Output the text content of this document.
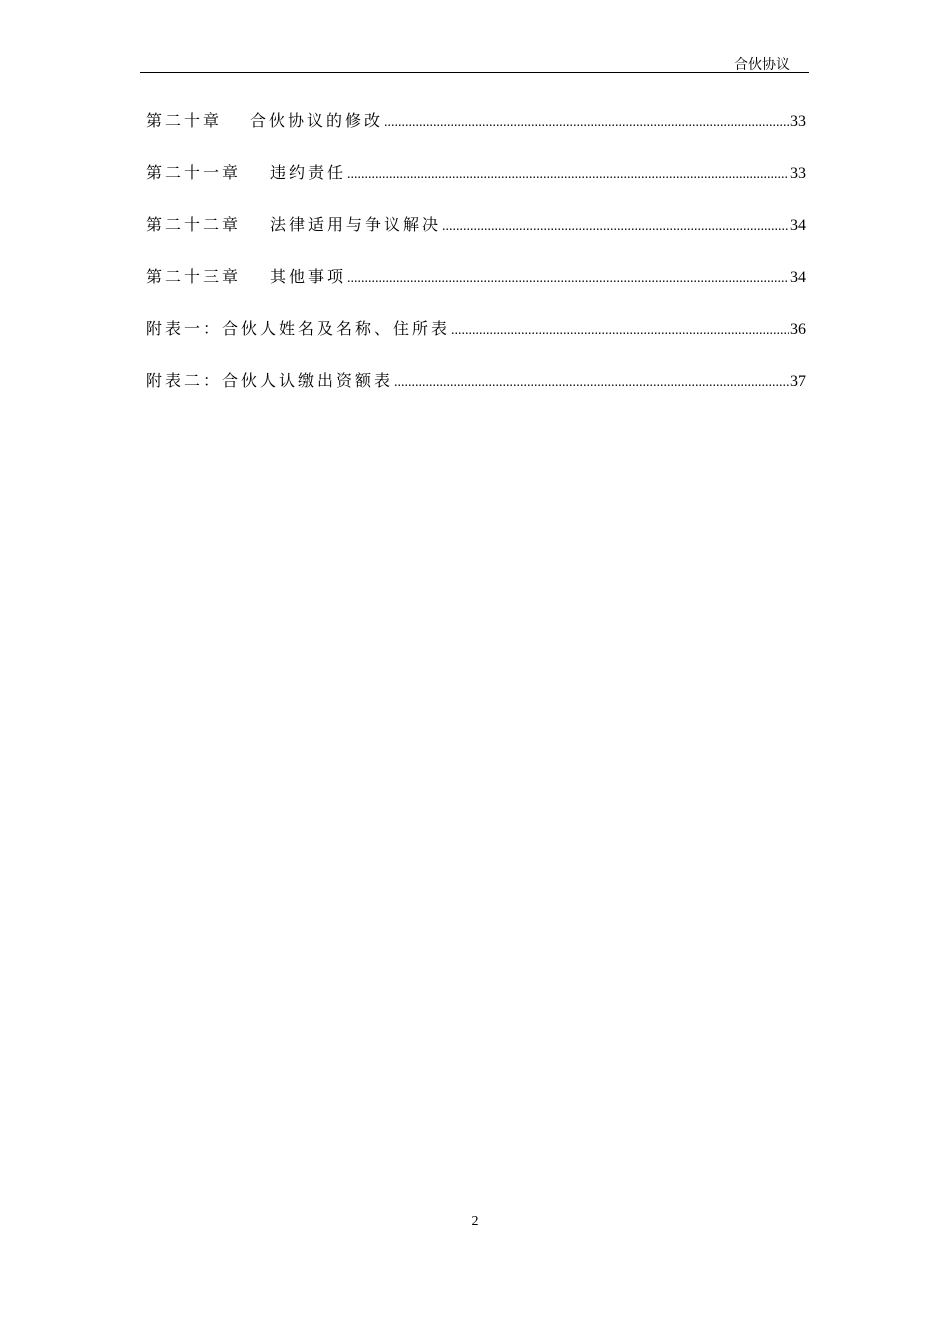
合伙协议
第二十章	合伙协议的修改 .....	33
第二十一章	违约责任 .....	33
第二十二章	法律适用与争议解决 .....	34
第二十三章	其他事项 .....	34
附表一：合伙人姓名及名称、住所表 .....	36
附表二：合伙人认缴出资额表 .....	37
2
